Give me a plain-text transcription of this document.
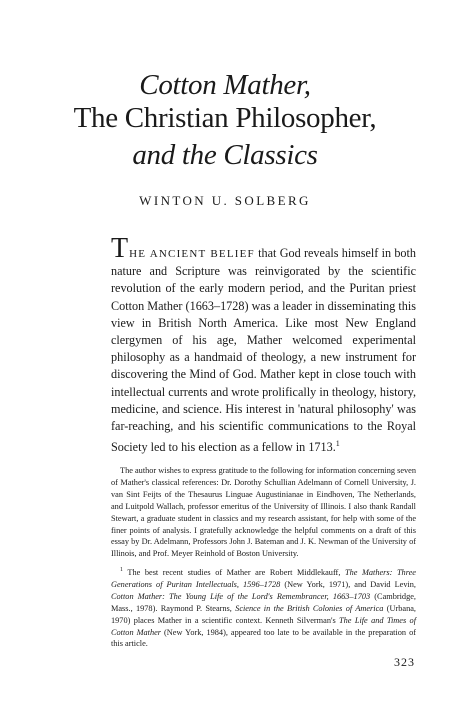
Cotton Mather,
The Christian Philosopher,
and the Classics
WINTON U. SOLBERG
THE ANCIENT BELIEF that God reveals himself in both nature and Scripture was reinvigorated by the scientific revolution of the early modern period, and the Puritan priest Cotton Mather (1663–1728) was a leader in disseminating this view in British North America. Like most New England clergymen of his age, Mather welcomed experimental philosophy as a handmaid of theology, a new instrument for discovering the Mind of God. Mather kept in close touch with intellectual currents and wrote prolifically in theology, history, medicine, and science. His interest in 'natural philosophy' was far-reaching, and his scientific communications to the Royal Society led to his election as a fellow in 1713.$^1$

The author wishes to express gratitude to the following for information concerning seven of Mather's classical references: Dr. Dorothy Schullian Adelmann of Cornell University, J. van Sint Feijts of the Thesaurus Linguae Augustinianae in Eindhoven, The Netherlands, and Luitpold Wallach, professor emeritus of the University of Illinois. I also thank Randall Stewart, a graduate student in classics and my research assistant, for help with some of the finer points of analysis. I gratefully acknowledge the helpful comments on a draft of this essay by Dr. Adelmann, Professors John J. Bateman and J. K. Newman of the University of Illinois, and Prof. Meyer Reinhold of Boston University.

$^1$ The best recent studies of Mather are Robert Middlekauff, The Mathers: Three Generations of Puritan Intellectuals, 1596–1728 (New York, 1971), and David Levin, Cotton Mather: The Young Life of the Lord's Remembrancer, 1663–1703 (Cambridge, Mass., 1978). Raymond P. Stearns, Science in the British Colonies of America (Urbana, 1970) places Mather in a scientific context. Kenneth Silverman's The Life and Times of Cotton Mather (New York, 1984), appeared too late to be available in the preparation of this article.

323
